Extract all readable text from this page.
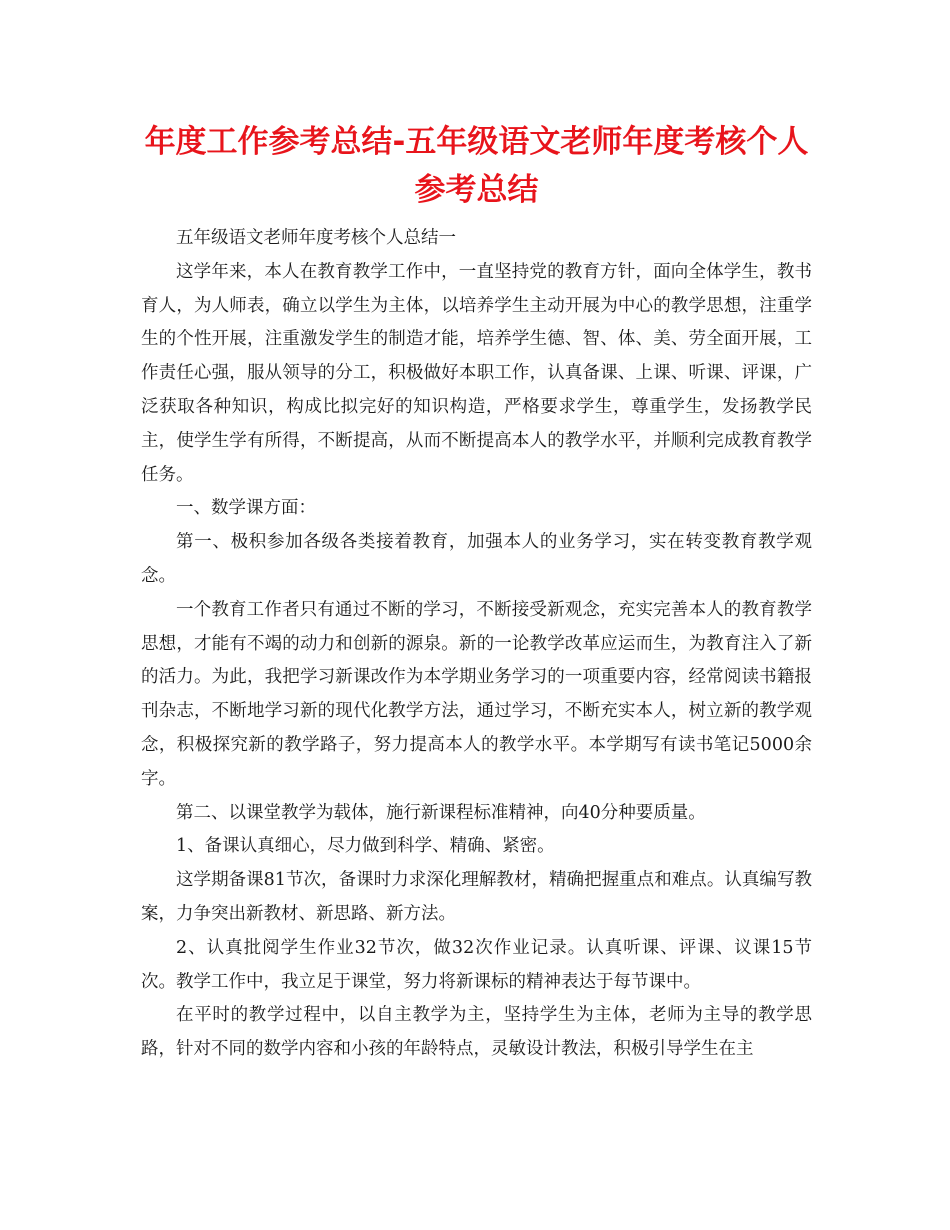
年度工作参考总结-五年级语文老师年度考核个人
参考总结

五年级语文老师年度考核个人总结一

这学年来，本人在教育教学工作中，一直坚持党的教育方针，面向全体学生，教书育人，为人师表，确立以学生为主体，以培养学生主动开展为中心的教学思想，注重学生的个性开展，注重激发学生的制造才能，培养学生德、智、体、美、劳全面开展，工作责任心强，服从领导的分工，积极做好本职工作，认真备课、上课、听课、评课，广泛获取各种知识，构成比拟完好的知识构造，严格要求学生，尊重学生，发扬教学民主，使学生学有所得，不断提高，从而不断提高本人的教学水平，并顺利完成教育教学任务。

一、数学课方面：

第一、极积参加各级各类接着教育，加强本人的业务学习，实在转变教育教学观念。

一个教育工作者只有通过不断的学习，不断接受新观念，充实完善本人的教育教学思想，才能有不竭的动力和创新的源泉。新的一论教学改革应运而生，为教育注入了新的活力。为此，我把学习新课改作为本学期业务学习的一项重要内容，经常阅读书籍报刊杂志，不断地学习新的现代化教学方法，通过学习，不断充实本人，树立新的教学观念，积极探究新的教学路子，努力提高本人的教学水平。本学期写有读书笔记5000余字。

第二、以课堂教学为载体，施行新课程标准精神，向40分种要质量。

1、备课认真细心，尽力做到科学、精确、紧密。

这学期备课81节次，备课时力求深化理解教材，精确把握重点和难点。认真编写教案，力争突出新教材、新思路、新方法。

2、认真批阅学生作业32节次，做32次作业记录。认真听课、评课、议课15节次。教学工作中，我立足于课堂，努力将新课标的精神表达于每节课中。

在平时的教学过程中，以自主教学为主，坚持学生为主体，老师为主导的教学思路，针对不同的数学内容和小孩的年龄特点，灵敏设计教法，积极引导学生在主
